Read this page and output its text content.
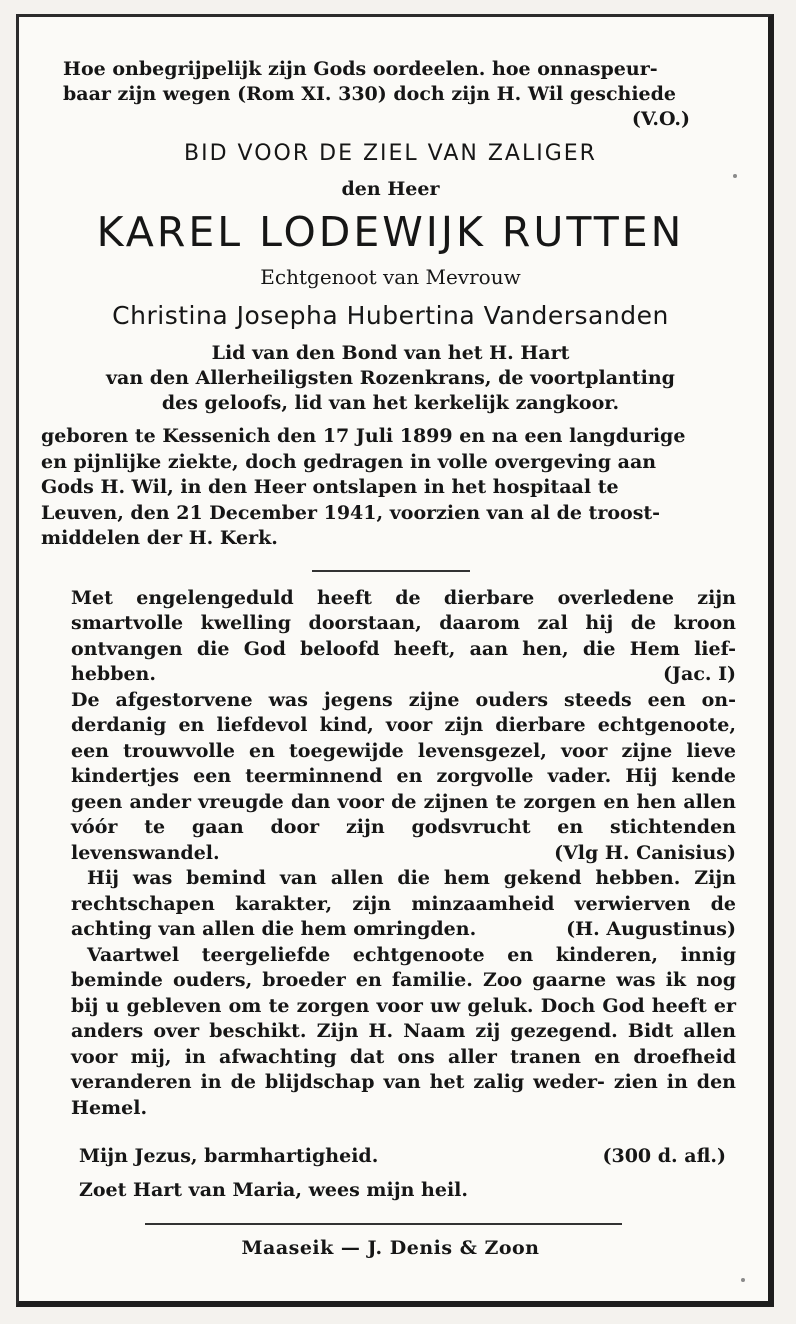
Hoe onbegrijpelijk zijn Gods oordeelen. hoe onnaspeur-
baar zijn wegen (Rom XI. 330) doch zijn H. Wil geschiede
(V.O.)
BID VOOR DE ZIEL VAN ZALIGER
den Heer
KAREL LODEWIJK RUTTEN
Echtgenoot van Mevrouw
Christina Josepha Hubertina Vandersanden
Lid van den Bond van het H. Hart
van den Allerheiligsten Rozenkrans, de voortplanting
des geloofs, lid van het kerkelijk zangkoor.
geboren te Kessenich den 17 Juli 1899 en na een langdurige
en pijnlijke ziekte, doch gedragen in volle overgeving aan
Gods H. Wil, in den Heer ontslapen in het hospitaal te
Leuven, den 21 December 1941, voorzien van al de troost-
middelen der H. Kerk.
Met engelengeduld heeft de dierbare overledene zijn smartvolle kwelling doorstaan, daarom zal hij de kroon ontvangen die God beloofd heeft, aan hen, die Hem lief- hebben.	(Jac. I)
De afgestorvene was jegens zijne ouders steeds een on- derdanig en liefdevol kind, voor zijn dierbare echtgenoote, een trouwvolle en toegewijde levensgezel, voor zijne lieve kindertjes een teerminnend en zorgvolle vader. Hij kende geen ander vreugde dan voor de zijnen te zorgen en hen allen vóór te gaan door zijn godsvrucht en stichtenden levenswandel.	(Vlg H. Canisius)
Hij was bemind van allen die hem gekend hebben. Zijn rechtschapen karakter, zijn minzaamheid verwierven de achting van allen die hem omringden.	(H. Augustinus)
Vaartwel teergeliefde echtgenoote en kinderen, innig beminde ouders, broeder en familie. Zoo gaarne was ik nog bij u gebleven om te zorgen voor uw geluk. Doch God heeft er anders over beschikt. Zijn H. Naam zij gezegend. Bidt allen voor mij, in afwachting dat ons aller tranen en droefheid veranderen in de blijdschap van het zalig weder- zien in den Hemel.
Mijn Jezus, barmhartigheid.	(300 d. afl.)
Zoet Hart van Maria, wees mijn heil.
Maaseik — J. Denis & Zoon
